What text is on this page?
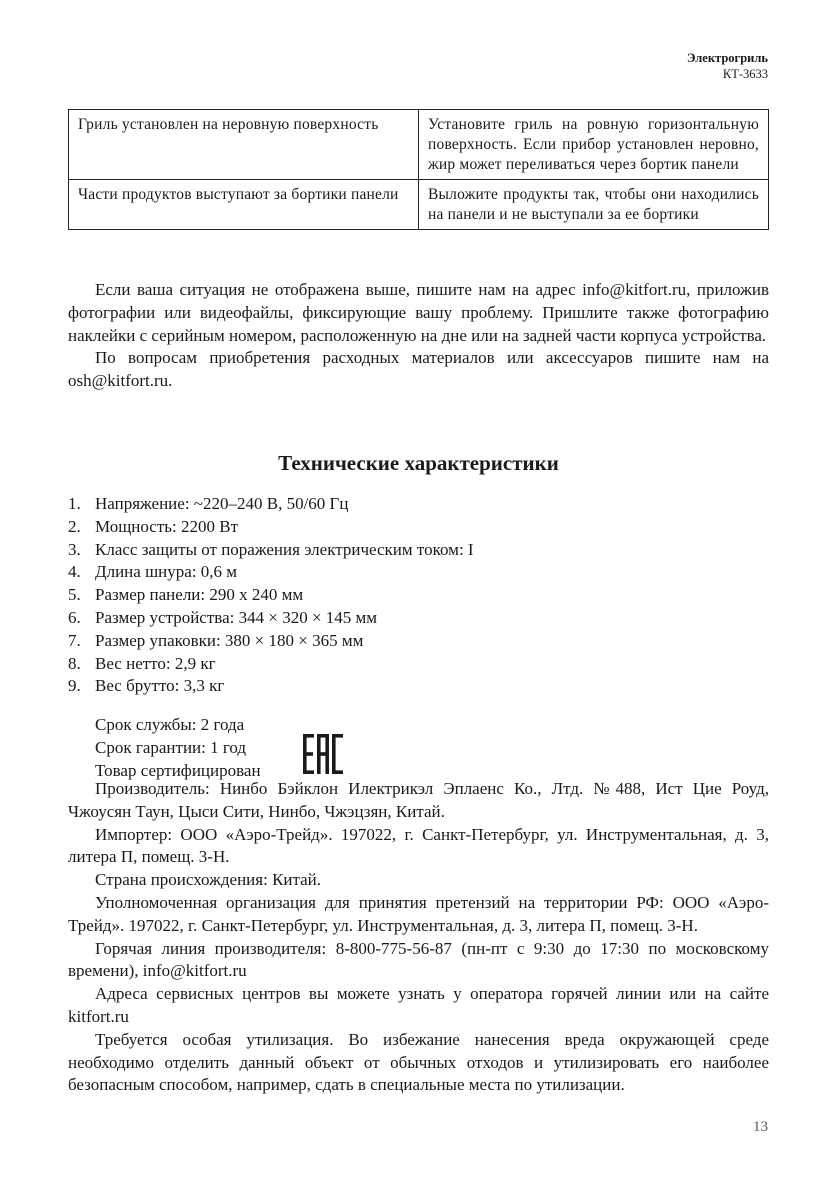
Электрогриль
КТ-3633
Гриль установлен на неровную поверхность	Установите гриль на ровную горизонтальную поверхность. Если прибор установлен неровно, жир может переливаться через бортик панели
Части продуктов выступают за бортики панели	Выложите продукты так, чтобы они находились на панели и не выступали за ее бортики

Если ваша ситуация не отображена выше, пишите нам на адрес info@kitfort.ru, приложив фотографии или видеофайлы, фиксирующие вашу проблему. Пришлите также фотографию наклейки с серийным номером, расположенную на дне или на задней части корпуса устройства.

По вопросам приобретения расходных материалов или аксессуаров пишите нам на osh@kitfort.ru.

Технические характеристики
1. Напряжение: ~220–240 В, 50/60 Гц
2. Мощность: 2200 Вт
3. Класс защиты от поражения электрическим током: I
4. Длина шнура: 0,6 м
5. Размер панели: 290 x 240 мм
6. Размер устройства: 344 × 320 × 145 мм
7. Размер упаковки: 380 × 180 × 365 мм
8. Вес нетто: 2,9 кг
9. Вес брутто: 3,3 кг
Срок службы: 2 года
Срок гарантии: 1 год
Товар сертифицирован

Производитель: Нинбо Бэйклон Илектрикэл Эплаенс Ко., Лтд. №488, Ист Цие Роуд, Чжоусян Таун, Цыси Сити, Нинбо, Чжэцзян, Китай.

Импортер: ООО «Аэро-Трейд». 197022, г. Санкт-Петербург, ул. Инструментальная, д. 3, литера П, помещ. 3-Н.

Страна происхождения: Китай.

Уполномоченная организация для принятия претензий на территории РФ: ООО «Аэро-Трейд». 197022, г. Санкт-Петербург, ул. Инструментальная, д. 3, литера П, помещ. 3-Н.

Горячая линия производителя: 8-800-775-56-87 (пн-пт с 9:30 до 17:30 по московскому времени), info@kitfort.ru

Адреса сервисных центров вы можете узнать у оператора горячей линии или на сайте kitfort.ru

Требуется особая утилизация. Во избежание нанесения вреда окружающей среде необходимо отделить данный объект от обычных отходов и утилизировать его наиболее безопасным способом, например, сдать в специальные места по утилизации.

13
